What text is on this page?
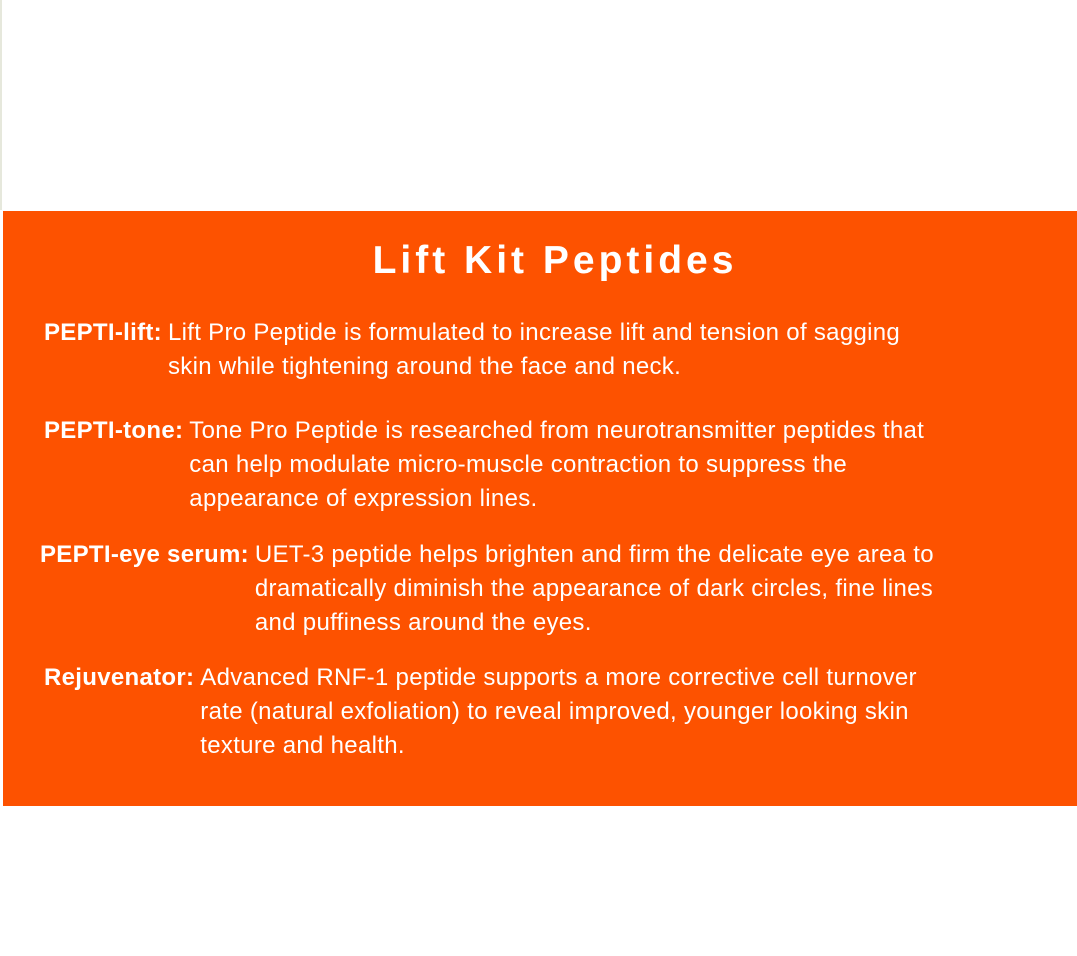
Lift Kit Peptides
PEPTI-lift: Lift Pro Peptide is formulated to increase lift and tension of sagging
skin while tightening around the face and neck.
PEPTI-tone: Tone Pro Peptide is researched from neurotransmitter peptides that
can help modulate micro-muscle contraction to suppress the
appearance of expression lines.
PEPTI-eye serum: UET-3 peptide helps brighten and firm the delicate eye area to
dramatically diminish the appearance of dark circles, fine lines
and puffiness around the eyes.
Rejuvenator: Advanced RNF-1 peptide supports a more corrective cell turnover
rate (natural exfoliation) to reveal improved, younger looking skin
texture and health.
